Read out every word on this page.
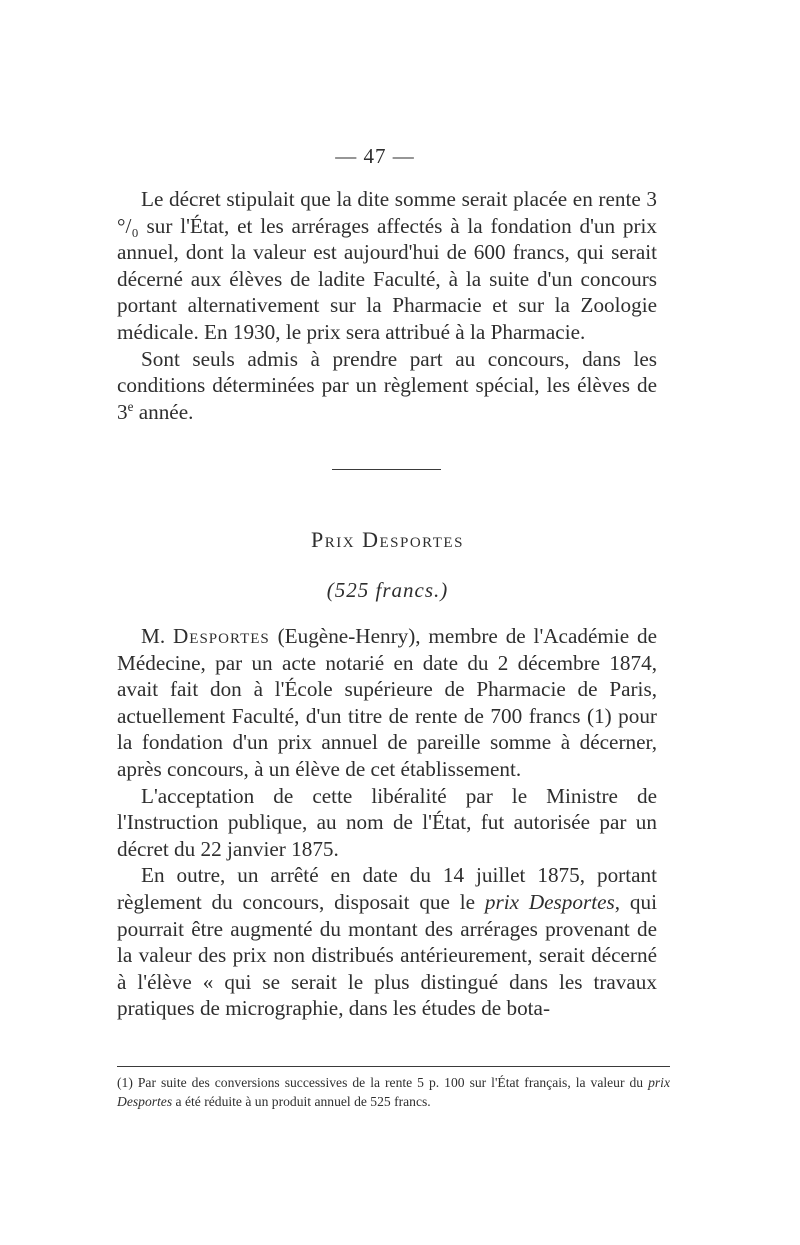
— 47 —

Le décret stipulait que la dite somme serait placée en rente 3 °/₀ sur l'État, et les arrérages affectés à la fondation d'un prix annuel, dont la valeur est aujourd'hui de 600 francs, qui serait décerné aux élèves de ladite Faculté, à la suite d'un concours portant alternativement sur la Pharmacie et sur la Zoologie médicale. En 1930, le prix sera attribué à la Pharmacie.

Sont seuls admis à prendre part au concours, dans les conditions déterminées par un règlement spécial, les élèves de 3e année.

Prix Desportes
(525 francs.)

M. Desportes (Eugène-Henry), membre de l'Académie de Médecine, par un acte notarié en date du 2 décembre 1874, avait fait don à l'École supérieure de Pharmacie de Paris, actuellement Faculté, d'un titre de rente de 700 francs (1) pour la fondation d'un prix annuel de pareille somme à décerner, après concours, à un élève de cet établissement.

L'acceptation de cette libéralité par le Ministre de l'Instruction publique, au nom de l'État, fut autorisée par un décret du 22 janvier 1875.

En outre, un arrêté en date du 14 juillet 1875, portant règlement du concours, disposait que le prix Desportes, qui pourrait être augmenté du montant des arrérages provenant de la valeur des prix non distribués antérieurement, serait décerné à l'élève « qui se serait le plus distingué dans les travaux pratiques de micrographie, dans les études de bota-

(1) Par suite des conversions successives de la rente 5 p. 100 sur l'État français, la valeur du prix Desportes a été réduite à un produit annuel de 525 francs.
